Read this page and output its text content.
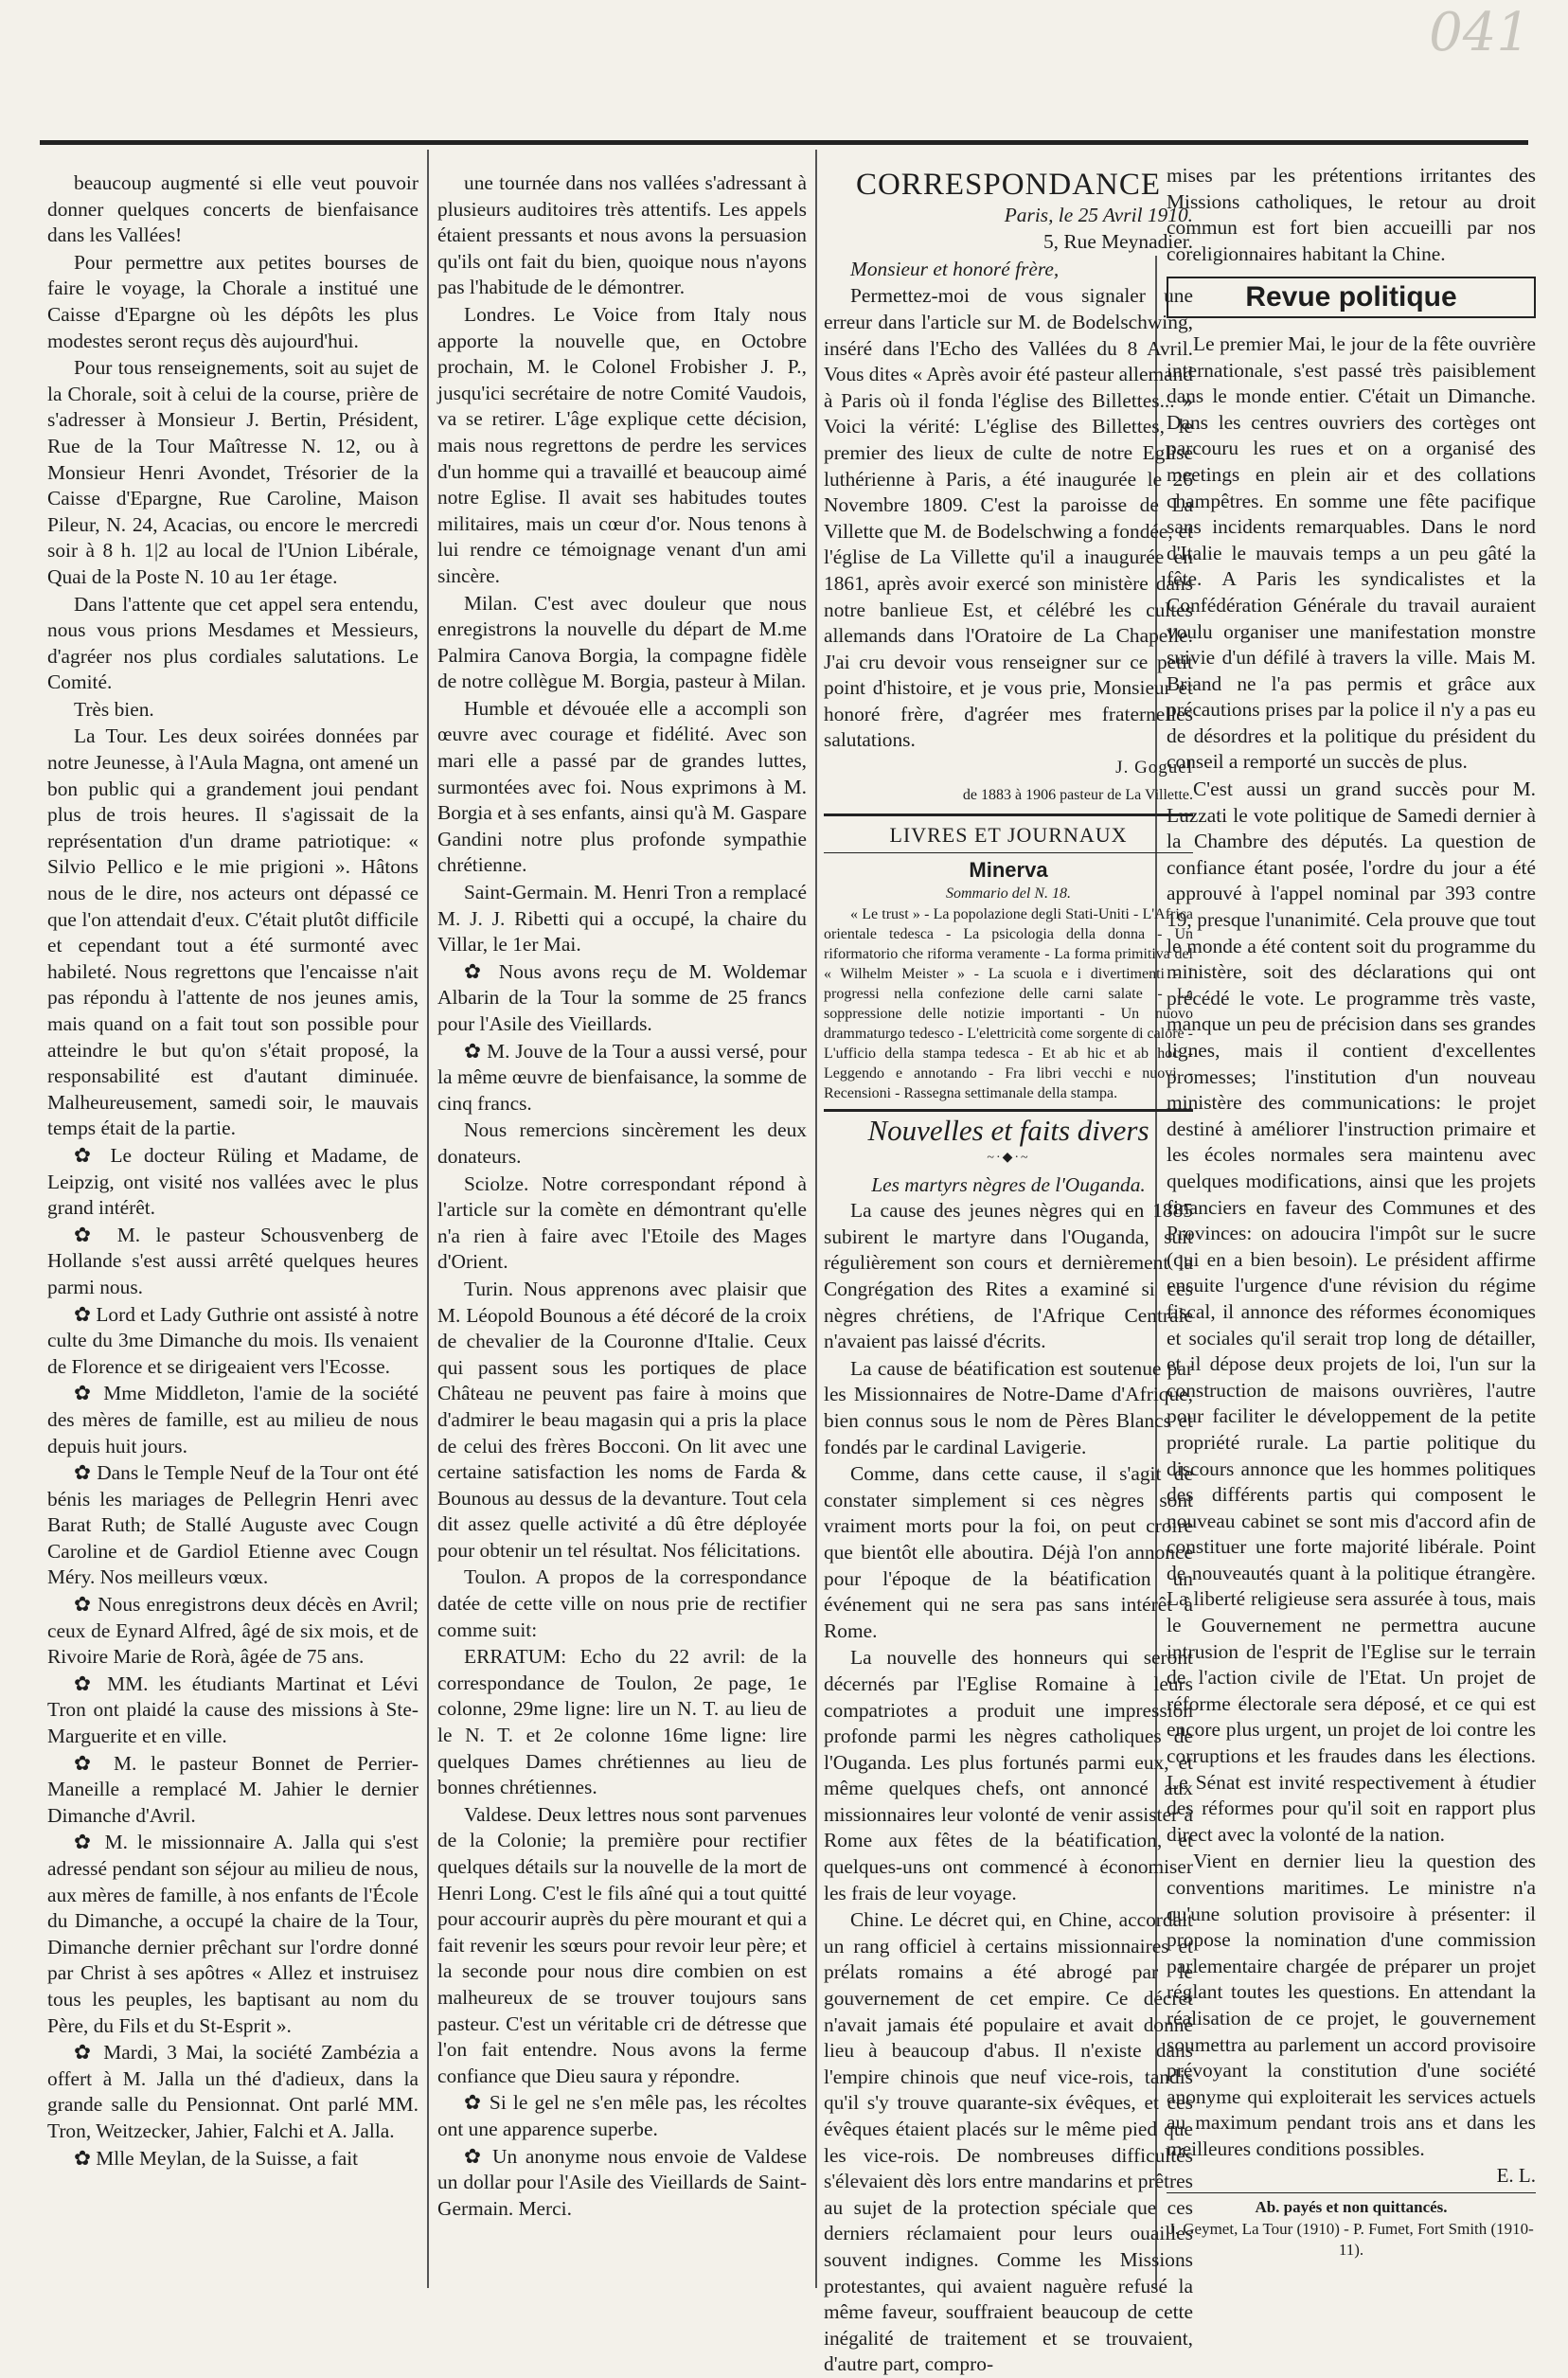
041

beaucoup augmenté si elle veut pouvoir donner quelques concerts de bienfaisance dans les Vallées!

Pour permettre aux petites bourses de faire le voyage, la Chorale a institué une Caisse d'Epargne où les dépôts les plus modestes seront reçus dès aujourd'hui.

Pour tous renseignements, soit au sujet de la Chorale, soit à celui de la course, prière de s'adresser à Monsieur J. Bertin, Président, Rue de la Tour Maîtresse N. 12, ou à Monsieur Henri Avondet, Trésorier de la Caisse d'Epargne, Rue Caroline, Maison Pileur, N. 24, Acacias, ou encore le mercredi soir à 8 h. 1|2 au local de l'Union Libérale, Quai de la Poste N. 10 au 1er étage.

Dans l'attente que cet appel sera entendu, nous vous prions Mesdames et Messieurs, d'agréer nos plus cordiales salutations. Le Comité.

Très bien.

La Tour. Les deux soirées données par notre Jeunesse, à l'Aula Magna, ont amené un bon public qui a grandement joui pendant plus de trois heures. Il s'agissait de la représentation d'un drame patriotique: « Silvio Pellico e le mie prigioni ». Hâtons nous de le dire, nos acteurs ont dépassé ce que l'on attendait d'eux. C'était plutôt difficile et cependant tout a été surmonté avec habileté. Nous regrettons que l'encaisse n'ait pas répondu à l'attente de nos jeunes amis, mais quand on a fait tout son possible pour atteindre le but qu'on s'était proposé, la responsabilité est d'autant diminuée. Malheureusement, samedi soir, le mauvais temps était de la partie.

✿ Le docteur Rüling et Madame, de Leipzig, ont visité nos vallées avec le plus grand intérêt.

✿ M. le pasteur Schousvenberg de Hollande s'est aussi arrêté quelques heures parmi nous.

✿ Lord et Lady Guthrie ont assisté à notre culte du 3me Dimanche du mois. Ils venaient de Florence et se dirigeaient vers l'Ecosse.

✿ Mme Middleton, l'amie de la société des mères de famille, est au milieu de nous depuis huit jours.

✿ Dans le Temple Neuf de la Tour ont été bénis les mariages de Pellegrin Henri avec Barat Ruth; de Stallé Auguste avec Cougn Caroline et de Gardiol Etienne avec Cougn Méry. Nos meilleurs vœux.

✿ Nous enregistrons deux décès en Avril; ceux de Eynard Alfred, âgé de six mois, et de Rivoire Marie de Rorà, âgée de 75 ans.

✿ MM. les étudiants Martinat et Lévi Tron ont plaidé la cause des missions à Ste-Marguerite et en ville.

✿ M. le pasteur Bonnet de Perrier-Maneille a remplacé M. Jahier le dernier Dimanche d'Avril.

✿ M. le missionnaire A. Jalla qui s'est adressé pendant son séjour au milieu de nous, aux mères de famille, à nos enfants de l'École du Dimanche, a occupé la chaire de la Tour, Dimanche dernier prêchant sur l'ordre donné par Christ à ses apôtres « Allez et instruisez tous les peuples, les baptisant au nom du Père, du Fils et du St-Esprit ».

✿ Mardi, 3 Mai, la société Zambézia a offert à M. Jalla un thé d'adieux, dans la grande salle du Pensionnat. Ont parlé MM. Tron, Weitzecker, Jahier, Falchi et A. Jalla.

✿ Mlle Meylan, de la Suisse, a fait

une tournée dans nos vallées s'adressant à plusieurs auditoires très attentifs. Les appels étaient pressants et nous avons la persuasion qu'ils ont fait du bien, quoique nous n'ayons pas l'habitude de le démontrer.

Londres. Le Voice from Italy nous apporte la nouvelle que, en Octobre prochain, M. le Colonel Frobisher J. P., jusqu'ici secrétaire de notre Comité Vaudois, va se retirer. L'âge explique cette décision, mais nous regrettons de perdre les services d'un homme qui a travaillé et beaucoup aimé notre Eglise. Il avait ses habitudes toutes militaires, mais un cœur d'or. Nous tenons à lui rendre ce témoignage venant d'un ami sincère.

Milan. C'est avec douleur que nous enregistrons la nouvelle du départ de M.me Palmira Canova Borgia, la compagne fidèle de notre collègue M. Borgia, pasteur à Milan.

Humble et dévouée elle a accompli son œuvre avec courage et fidélité. Avec son mari elle a passé par de grandes luttes, surmontées avec foi. Nous exprimons à M. Borgia et à ses enfants, ainsi qu'à M. Gaspare Gandini notre plus profonde sympathie chrétienne.

Saint-Germain. M. Henri Tron a remplacé M. J. J. Ribetti qui a occupé, la chaire du Villar, le 1er Mai.

✿ Nous avons reçu de M. Woldemar Albarin de la Tour la somme de 25 francs pour l'Asile des Vieillards.

✿ M. Jouve de la Tour a aussi versé, pour la même œuvre de bienfaisance, la somme de cinq francs.

Nous remercions sincèrement les deux donateurs.

Sciolze. Notre correspondant répond à l'article sur la comète en démontrant qu'elle n'a rien à faire avec l'Etoile des Mages d'Orient.

Turin. Nous apprenons avec plaisir que M. Léopold Bounous a été décoré de la croix de chevalier de la Couronne d'Italie. Ceux qui passent sous les portiques de place Château ne peuvent pas faire à moins que d'admirer le beau magasin qui a pris la place de celui des frères Bocconi. On lit avec une certaine satisfaction les noms de Farda & Bounous au dessus de la devanture. Tout cela dit assez quelle activité a dû être déployée pour obtenir un tel résultat. Nos félicitations.

Toulon. A propos de la correspondance datée de cette ville on nous prie de rectifier comme suit:

ERRATUM: Echo du 22 avril: de la correspondance de Toulon, 2e page, 1e colonne, 29me ligne: lire un N. T. au lieu de le N. T. et 2e colonne 16me ligne: lire quelques Dames chrétiennes au lieu de bonnes chrétiennes.

Valdese. Deux lettres nous sont parvenues de la Colonie; la première pour rectifier quelques détails sur la nouvelle de la mort de Henri Long. C'est le fils aîné qui a tout quitté pour accourir auprès du père mourant et qui a fait revenir les sœurs pour revoir leur père; et la seconde pour nous dire combien on est malheureux de se trouver toujours sans pasteur. C'est un véritable cri de détresse que l'on fait entendre. Nous avons la ferme confiance que Dieu saura y répondre.

✿ Si le gel ne s'en mêle pas, les récoltes ont une apparence superbe.

✿ Un anonyme nous envoie de Valdese un dollar pour l'Asile des Vieillards de Saint-Germain. Merci.

CORRESPONDANCE

Paris, le 25 Avril 1910.

5, Rue Meynadier.

Monsieur et honoré frère,

Permettez-moi de vous signaler une erreur dans l'article sur M. de Bodelschwing, inséré dans l'Echo des Vallées du 8 Avril. Vous dites « Après avoir été pasteur allemand à Paris où il fonda l'église des Billettes... » Voici la vérité: L'église des Billettes, le premier des lieux de culte de notre Eglise luthérienne à Paris, a été inaugurée le 26 Novembre 1809. C'est la paroisse de La Villette que M. de Bodelschwing a fondée, et l'église de La Villette qu'il a inaugurée en 1861, après avoir exercé son ministère dans notre banlieue Est, et célébré les cultes allemands dans l'Oratoire de La Chapelle. J'ai cru devoir vous renseigner sur ce petit point d'histoire, et je vous prie, Monsieur et honoré frère, d'agréer mes fraternelles salutations.

J. Goguel

de 1883 à 1906 pasteur de La Villette.

LIVRES ET JOURNAUX

Minerva

Sommario del N. 18.

« Le trust » - La popolazione degli Stati-Uniti - L'Africa orientale tedesca - La psicologia della donna - Un riformatorio che riforma veramente - La forma primitiva del « Wilhelm Meister » - La scuola e i divertimenti - I progressi nella confezione delle carni salate - La soppressione delle notizie importanti - Un nuovo drammaturgo tedesco - L'elettricità come sorgente di calore - L'ufficio della stampa tedesca - Et ab hic et ab hoc - Leggendo e annotando - Fra libri vecchi e nuovi - Recensioni - Rassegna settimanale della stampa.

Nouvelles et faits divers

~·◆·~

Les martyrs nègres de l'Ouganda.

La cause des jeunes nègres qui en 1885 subirent le martyre dans l'Ouganda, suit régulièrement son cours et dernièrement la Congrégation des Rites a examiné si ces nègres chrétiens, de l'Afrique Centrale n'avaient pas laissé d'écrits.

La cause de béatification est soutenue par les Missionnaires de Notre-Dame d'Afrique, bien connus sous le nom de Pères Blancs et fondés par le cardinal Lavigerie.

Comme, dans cette cause, il s'agit de constater simplement si ces nègres sont vraiment morts pour la foi, on peut croire que bientôt elle aboutira. Déjà l'on annonce pour l'époque de la béatification un événement qui ne sera pas sans intérêt à Rome.

La nouvelle des honneurs qui seront décernés par l'Eglise Romaine à leurs compatriotes a produit une impression profonde parmi les nègres catholiques de l'Ouganda. Les plus fortunés parmi eux, et même quelques chefs, ont annoncé aux missionnaires leur volonté de venir assister à Rome aux fêtes de la béatification, et quelques-uns ont commencé à économiser les frais de leur voyage.

Chine. Le décret qui, en Chine, accordait un rang officiel à certains missionnaires et prélats romains a été abrogé par le gouvernement de cet empire. Ce décret n'avait jamais été populaire et avait donné lieu à beaucoup d'abus. Il n'existe dans l'empire chinois que neuf vice-rois, tandis qu'il s'y trouve quarante-six évêques, et ces évêques étaient placés sur le même pied que les vice-rois. De nombreuses difficultés s'élevaient dès lors entre mandarins et prêtres au sujet de la protection spéciale que ces derniers réclamaient pour leurs ouailles souvent indignes. Comme les Missions protestantes, qui avaient naguère refusé la même faveur, souffraient beaucoup de cette inégalité de traitement et se trouvaient, d'autre part, compro-

mises par les prétentions irritantes des Missions catholiques, le retour au droit commun est fort bien accueilli par nos coreligionnaires habitant la Chine.

Revue politique

Le premier Mai, le jour de la fête ouvrière internationale, s'est passé très paisiblement dans le monde entier. C'était un Dimanche. Dans les centres ouvriers des cortèges ont parcouru les rues et on a organisé des meetings en plein air et des collations champêtres. En somme une fête pacifique sans incidents remarquables. Dans le nord d'Italie le mauvais temps a un peu gâté la fête. A Paris les syndicalistes et la Confédération Générale du travail auraient voulu organiser une manifestation monstre suivie d'un défilé à travers la ville. Mais M. Briand ne l'a pas permis et grâce aux précautions prises par la police il n'y a pas eu de désordres et la politique du président du conseil a remporté un succès de plus.

C'est aussi un grand succès pour M. Luzzati le vote politique de Samedi dernier à la Chambre des députés. La question de confiance étant posée, l'ordre du jour a été approuvé à l'appel nominal par 393 contre 19, presque l'unanimité. Cela prouve que tout le monde a été content soit du programme du ministère, soit des déclarations qui ont précédé le vote. Le programme très vaste, manque un peu de précision dans ses grandes lignes, mais il contient d'excellentes promesses; l'institution d'un nouveau ministère des communications: le projet destiné à améliorer l'instruction primaire et les écoles normales sera maintenu avec quelques modifications, ainsi que les projets financiers en faveur des Communes et des Provinces: on adoucira l'impôt sur le sucre (qui en a bien besoin). Le président affirme ensuite l'urgence d'une révision du régime fiscal, il annonce des réformes économiques et sociales qu'il serait trop long de détailler, et il dépose deux projets de loi, l'un sur la construction de maisons ouvrières, l'autre pour faciliter le développement de la petite propriété rurale. La partie politique du discours annonce que les hommes politiques des différents partis qui composent le nouveau cabinet se sont mis d'accord afin de constituer une forte majorité libérale. Point de nouveautés quant à la politique étrangère. La liberté religieuse sera assurée à tous, mais le Gouvernement ne permettra aucune intrusion de l'esprit de l'Eglise sur le terrain de l'action civile de l'Etat. Un projet de réforme électorale sera déposé, et ce qui est encore plus urgent, un projet de loi contre les corruptions et les fraudes dans les élections. Le Sénat est invité respectivement à étudier des réformes pour qu'il soit en rapport plus direct avec la volonté de la nation.

Vient en dernier lieu la question des conventions maritimes. Le ministre n'a qu'une solution provisoire à présenter: il propose la nomination d'une commission parlementaire chargée de préparer un projet réglant toutes les questions. En attendant la réalisation de ce projet, le gouvernement soumettra au parlement un accord provisoire prévoyant la constitution d'une société anonyme qui exploiterait les services actuels au maximum pendant trois ans et dans les meilleures conditions possibles.

E. L.

Ab. payés et non quittancés.

J. Geymet, La Tour (1910) - P. Fumet, Fort Smith (1910-11).
